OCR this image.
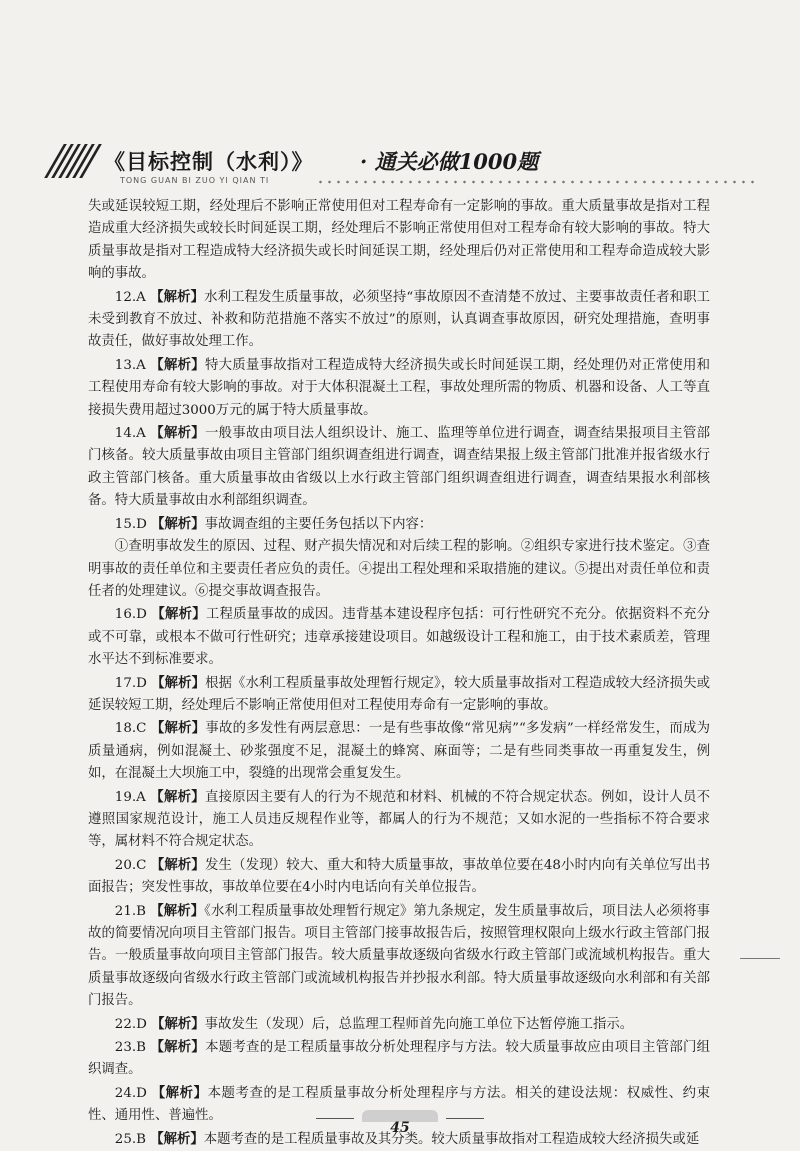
《目标控制（水利）》 · 通关必做1000题
TONG GUAN BI ZUO YI QIAN TI

失或延误较短工期，经处理后不影响正常使用但对工程寿命有一定影响的事故。重大质量事故是指对工程造成重大经济损失或较长时间延误工期，经处理后不影响正常使用但对工程寿命有较大影响的事故。特大质量事故是指对工程造成特大经济损失或长时间延误工期，经处理后仍对正常使用和工程寿命造成较大影响的事故。

12.A 【解析】水利工程发生质量事故，必须坚持“事故原因不查清楚不放过、主要事故责任者和职工未受到教育不放过、补救和防范措施不落实不放过”的原则，认真调查事故原因，研究处理措施，查明事故责任，做好事故处理工作。

13.A 【解析】特大质量事故指对工程造成特大经济损失或长时间延误工期，经处理仍对正常使用和工程使用寿命有较大影响的事故。对于大体积混凝土工程，事故处理所需的物质、机器和设备、人工等直接损失费用超过3000万元的属于特大质量事故。

14.A 【解析】一般事故由项目法人组织设计、施工、监理等单位进行调查，调查结果报项目主管部门核备。较大质量事故由项目主管部门组织调查组进行调查，调查结果报上级主管部门批准并报省级水行政主管部门核备。重大质量事故由省级以上水行政主管部门组织调查组进行调查，调查结果报水利部核备。特大质量事故由水利部组织调查。

15.D 【解析】事故调查组的主要任务包括以下内容：

①查明事故发生的原因、过程、财产损失情况和对后续工程的影响。②组织专家进行技术鉴定。③查明事故的责任单位和主要责任者应负的责任。④提出工程处理和采取措施的建议。⑤提出对责任单位和责任者的处理建议。⑥提交事故调查报告。

16.D 【解析】工程质量事故的成因。违背基本建设程序包括：可行性研究不充分。依据资料不充分或不可靠，或根本不做可行性研究；违章承接建设项目。如越级设计工程和施工，由于技术素质差，管理水平达不到标准要求。

17.D 【解析】根据《水利工程质量事故处理暂行规定》，较大质量事故指对工程造成较大经济损失或延误较短工期，经处理后不影响正常使用但对工程使用寿命有一定影响的事故。

18.C 【解析】事故的多发性有两层意思：一是有些事故像“常见病”“多发病”一样经常发生，而成为质量通病，例如混凝土、砂浆强度不足，混凝土的蜂窝、麻面等；二是有些同类事故一再重复发生，例如，在混凝土大坝施工中，裂缝的出现常会重复发生。

19.A 【解析】直接原因主要有人的行为不规范和材料、机械的不符合规定状态。例如，设计人员不遵照国家规范设计，施工人员违反规程作业等，都属人的行为不规范；又如水泥的一些指标不符合要求等，属材料不符合规定状态。

20.C 【解析】发生（发现）较大、重大和特大质量事故，事故单位要在48小时内向有关单位写出书面报告；突发性事故，事故单位要在4小时内电话向有关单位报告。

21.B 【解析】《水利工程质量事故处理暂行规定》第九条规定，发生质量事故后，项目法人必须将事故的简要情况向项目主管部门报告。项目主管部门接事故报告后，按照管理权限向上级水行政主管部门报告。一般质量事故向项目主管部门报告。较大质量事故逐级向省级水行政主管部门或流域机构报告。重大质量事故逐级向省级水行政主管部门或流域机构报告并抄报水利部。特大质量事故逐级向水利部和有关部门报告。

22.D 【解析】事故发生（发现）后，总监理工程师首先向施工单位下达暂停施工指示。

23.B 【解析】本题考查的是工程质量事故分析处理程序与方法。较大质量事故应由项目主管部门组织调查。

24.D 【解析】本题考查的是工程质量事故分析处理程序与方法。相关的建设法规：权威性、约束性、通用性、普遍性。

25.B 【解析】本题考查的是工程质量事故及其分类。较大质量事故指对工程造成较大经济损失或延

45
